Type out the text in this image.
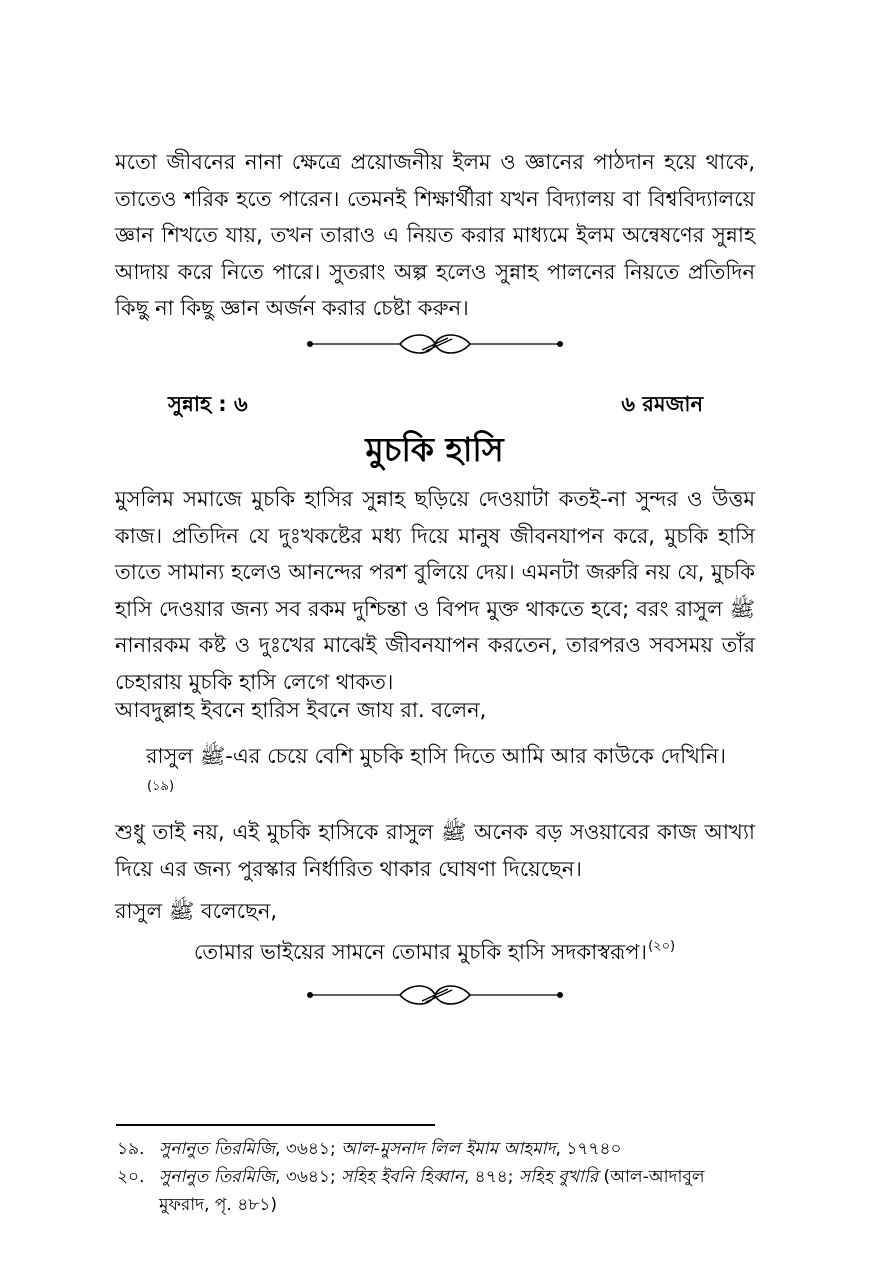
মতো জীবনের নানা ক্ষেত্রে প্রয়োজনীয় ইলম ও জ্ঞানের পাঠদান হয়ে থাকে, তাতেও শরিক হতে পারেন। তেমনই শিক্ষার্থীরা যখন বিদ্যালয় বা বিশ্ববিদ্যালয়ে জ্ঞান শিখতে যায়, তখন তারাও এ নিয়ত করার মাধ্যমে ইলম অন্বেষণের সুন্নাহ আদায় করে নিতে পারে। সুতরাং অল্প হলেও সুন্নাহ পালনের নিয়তে প্রতিদিন কিছু না কিছু জ্ঞান অর্জন করার চেষ্টা করুন।

সুন্নাহ : ৬	৬ রমজান

মুচকি হাসি

মুসলিম সমাজে মুচকি হাসির সুন্নাহ ছড়িয়ে দেওয়াটা কতই-না সুন্দর ও উত্তম কাজ। প্রতিদিন যে দুঃখকষ্টের মধ্য দিয়ে মানুষ জীবনযাপন করে, মুচকি হাসি তাতে সামান্য হলেও আনন্দের পরশ বুলিয়ে দেয়। এমনটা জরুরি নয় যে, মুচকি হাসি দেওয়ার জন্য সব রকম দুশ্চিন্তা ও বিপদ মুক্ত থাকতে হবে; বরং রাসুল ﷺ নানারকম কষ্ট ও দুঃখের মাঝেই জীবনযাপন করতেন, তারপরও সবসময় তাঁর চেহারায় মুচকি হাসি লেগে থাকত।

আবদুল্লাহ ইবনে হারিস ইবনে জায রা. বলেন,

রাসুল ﷺ-এর চেয়ে বেশি মুচকি হাসি দিতে আমি আর কাউকে দেখিনি।$^{(১৯)}$

শুধু তাই নয়, এই মুচকি হাসিকে রাসুল ﷺ অনেক বড় সওয়াবের কাজ আখ্যা দিয়ে এর জন্য পুরস্কার নির্ধারিত থাকার ঘোষণা দিয়েছেন।

রাসুল ﷺ বলেছেন,

তোমার ভাইয়ের সামনে তোমার মুচকি হাসি সদকাস্বরূপ।$^{(২০)}$

১৯. সুনানুত তিরমিজি, ৩৬৪১; আল-মুসনাদ লিল ইমাম আহমাদ, ১৭৭৪০

২০. সুনানুত তিরমিজি, ৩৬৪১; সহিহ ইবনি হিব্বান, ৪৭৪; সহিহ বুখারি (আল-আদাবুল মুফরাদ, পৃ. ৪৮১)
